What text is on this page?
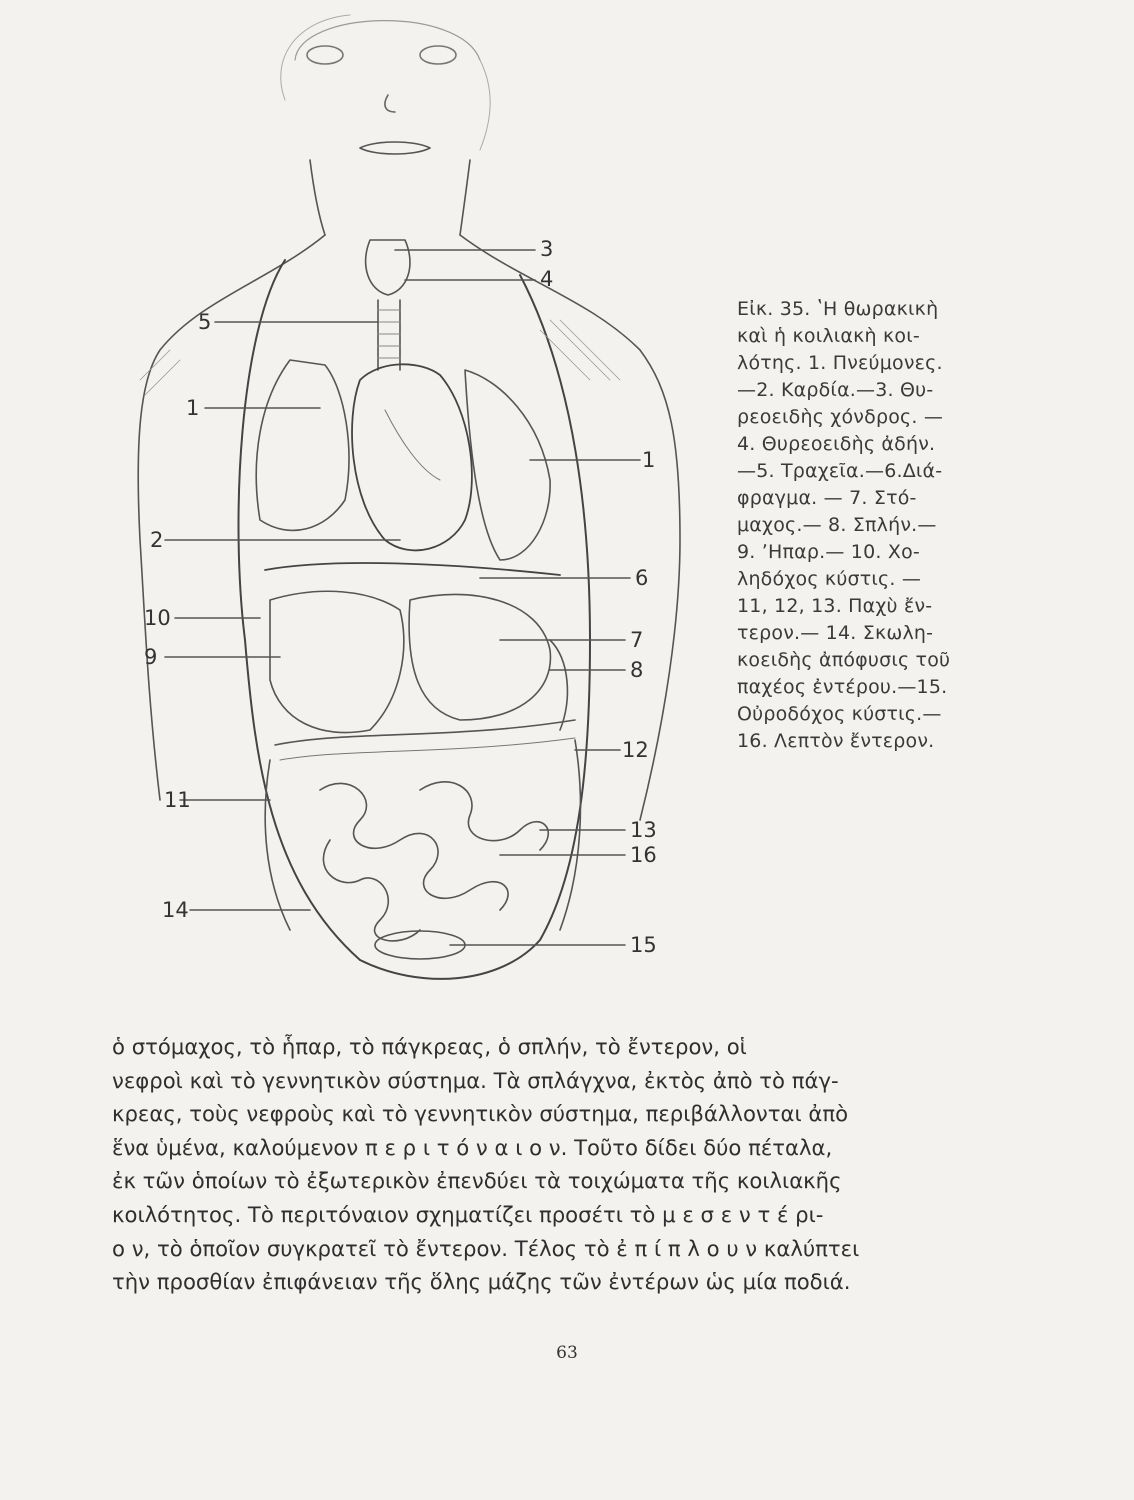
3
4
5
1
1
2
6
10
7
9
8
12
11
13
16
14
15
Εἰκ. 35. ʽΗ θωρακικὴ
καὶ ἡ κοιλιακὴ κοι-
λότης. 1. Πνεύμονες.
—2. Καρδία.—3. Θυ-
ρεοειδὴς χόνδρος. —
4. Θυρεοειδὴς ἀδήν.
—5. Τραχεῖα.—6.Διά-
φραγμα. — 7. Στό-
μαχος.— 8. Σπλήν.—
9. ʼΗπαρ.— 10. Χο-
ληδόχος κύστις. —
11, 12, 13. Παχὺ ἔν-
τερον.— 14. Σκωλη-
κοειδὴς ἀπόφυσις τοῦ
παχέος ἐντέρου.—15.
Οὐροδόχος κύστις.—
16. Λεπτὸν ἔντερον.
ὁ στόμαχος, τὸ ἧπαρ, τὸ πάγκρεας, ὁ σπλήν, τὸ ἔντερον, οἱ
νεφροὶ καὶ τὸ γεννητικὸν σύστημα. Τὰ σπλάγχνα, ἐκτὸς ἀπὸ τὸ πάγ-
κρεας, τοὺς νεφροὺς καὶ τὸ γεννητικὸν σύστημα, περιβάλλονται ἀπὸ
ἕνα ὑμένα, καλούμενον π ε ρ ι τ ό ν α ι ο ν. Τοῦτο δίδει δύο πέταλα,
ἐκ τῶν ὁποίων τὸ ἐξωτερικὸν ἐπενδύει τὰ τοιχώματα τῆς κοιλιακῆς
κοιλότητος. Τὸ περιτόναιον σχηματίζει προσέτι τὸ μ ε σ ε ν τ έ ρι-
ο ν, τὸ ὁποῖον συγκρατεῖ τὸ ἔντερον. Τέλος τὸ ἐ π ί π λ ο υ ν καλύπτει
τὴν προσθίαν ἐπιφάνειαν τῆς ὅλης μάζης τῶν ἐντέρων ὡς μία ποδιά.
63
